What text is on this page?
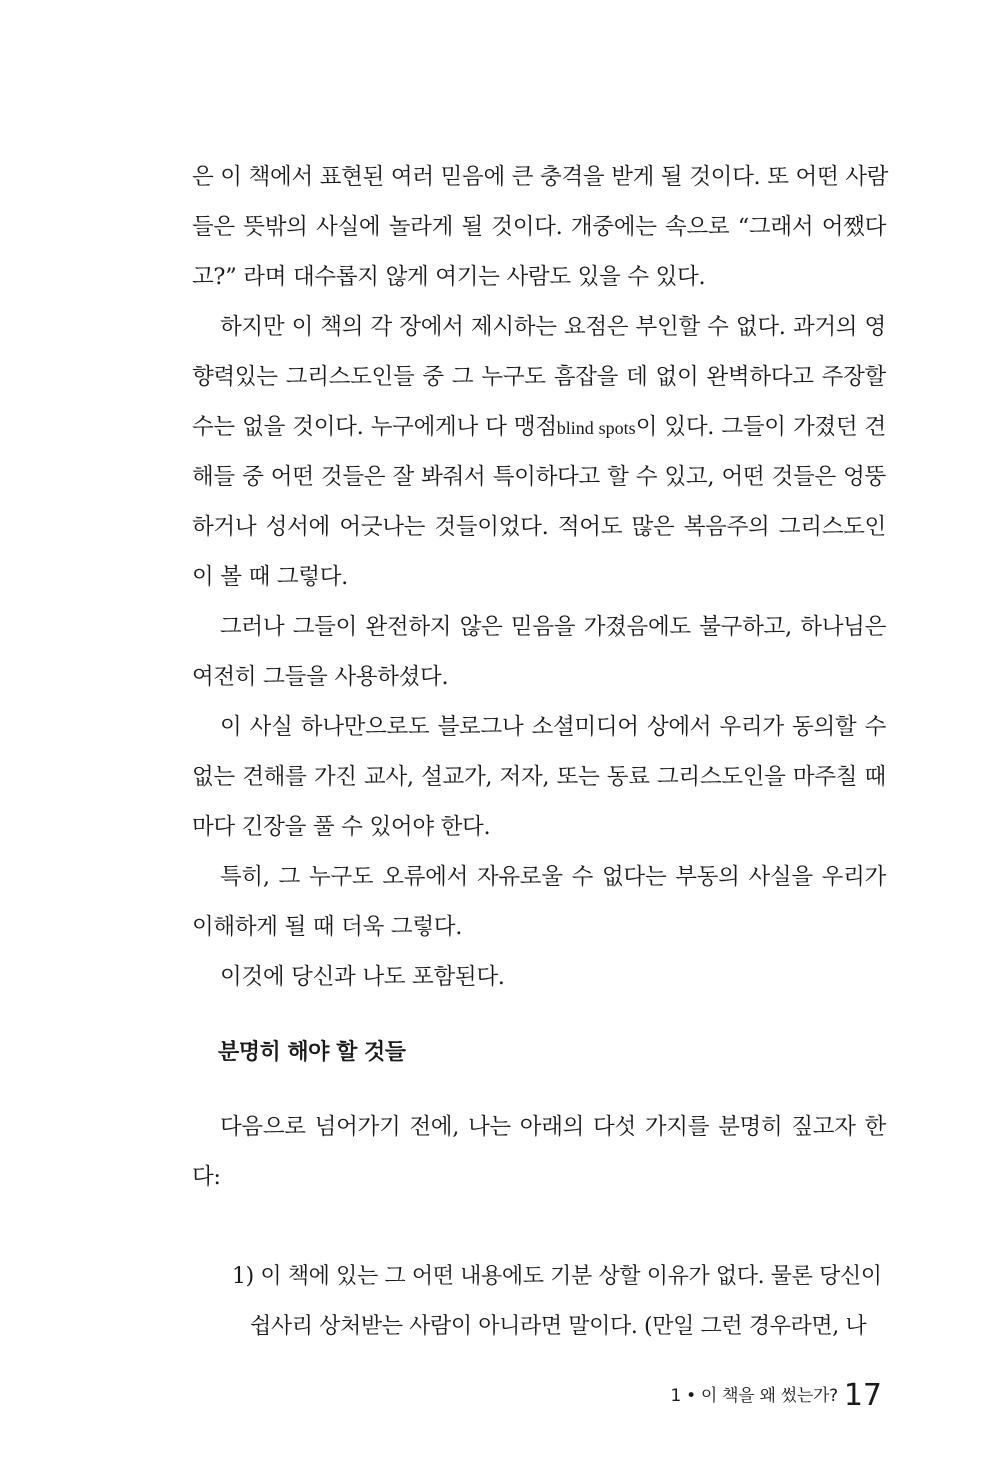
은 이 책에서 표현된 여러 믿음에 큰 충격을 받게 될 것이다. 또 어떤 사람
들은 뜻밖의 사실에 놀라게 될 것이다. 개중에는 속으로 “그래서 어쨌다
고?” 라며 대수롭지 않게 여기는 사람도 있을 수 있다.
하지만 이 책의 각 장에서 제시하는 요점은 부인할 수 없다. 과거의 영
향력있는 그리스도인들 중 그 누구도 흠잡을 데 없이 완벽하다고 주장할
수는 없을 것이다. 누구에게나 다 맹점blind spots이 있다. 그들이 가졌던 견
해들 중 어떤 것들은 잘 봐줘서 특이하다고 할 수 있고, 어떤 것들은 엉뚱
하거나 성서에 어긋나는 것들이었다. 적어도 많은 복음주의 그리스도인
이 볼 때 그렇다.
그러나 그들이 완전하지 않은 믿음을 가졌음에도 불구하고, 하나님은
여전히 그들을 사용하셨다.
이 사실 하나만으로도 블로그나 소셜미디어 상에서 우리가 동의할 수
없는 견해를 가진 교사, 설교가, 저자, 또는 동료 그리스도인을 마주칠 때
마다 긴장을 풀 수 있어야 한다.
특히, 그 누구도 오류에서 자유로울 수 없다는 부동의 사실을 우리가
이해하게 될 때 더욱 그렇다.
이것에 당신과 나도 포함된다.
분명히 해야 할 것들
다음으로 넘어가기 전에, 나는 아래의 다섯 가지를 분명히 짚고자 한
다:
1) 이 책에 있는 그 어떤 내용에도 기분 상할 이유가 없다. 물론 당신이
쉽사리 상처받는 사람이 아니라면 말이다. (만일 그런 경우라면, 나
1 • 이 책을 왜 썼는가? 17
